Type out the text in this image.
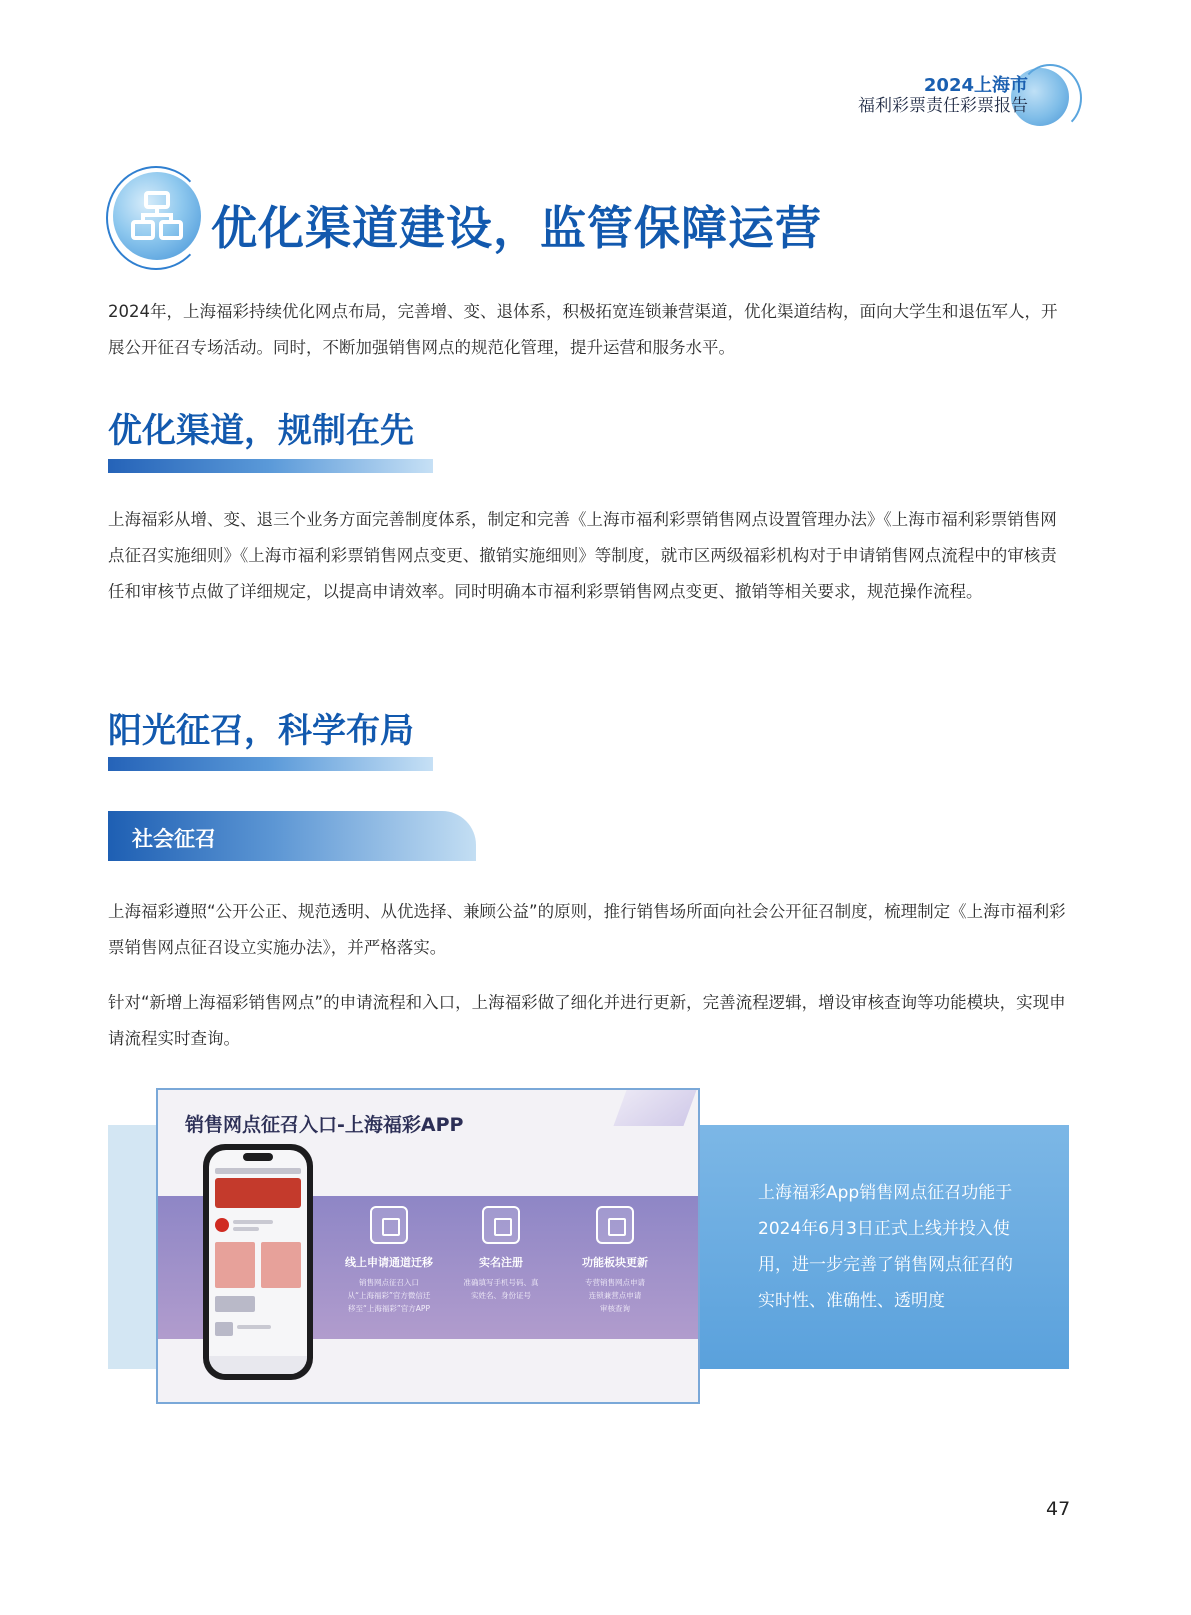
2024上海市
福利彩票责任彩票报告
优化渠道建设，监管保障运营

2024年，上海福彩持续优化网点布局，完善增、变、退体系，积极拓宽连锁兼营渠道，优化渠道结构，面向大学生和退伍军人，开展公开征召专场活动。同时，不断加强销售网点的规范化管理，提升运营和服务水平。

优化渠道，规制在先

上海福彩从增、变、退三个业务方面完善制度体系，制定和完善《上海市福利彩票销售网点设置管理办法》《上海市福利彩票销售网点征召实施细则》《上海市福利彩票销售网点变更、撤销实施细则》等制度，就市区两级福彩机构对于申请销售网点流程中的审核责任和审核节点做了详细规定，以提高申请效率。同时明确本市福利彩票销售网点变更、撤销等相关要求，规范操作流程。

阳光征召，科学布局
社会征召

上海福彩遵照“公开公正、规范透明、从优选择、兼顾公益”的原则，推行销售场所面向社会公开征召制度，梳理制定《上海市福利彩票销售网点征召设立实施办法》，并严格落实。

针对“新增上海福彩销售网点”的申请流程和入口，上海福彩做了细化并进行更新，完善流程逻辑，增设审核查询等功能模块，实现申请流程实时查询。

上海福彩App销售网点征召功能于2024年6月3日正式上线并投入使用，进一步完善了销售网点征召的实时性、准确性、透明度

销售网点征召入口-上海福彩APP
线上申请通道迁移
销售网点征召入口
从“上海福彩”官方微信迁
移至“上海福彩”官方APP
实名注册
准确填写手机号码、真
实姓名、身份证号
功能板块更新
专营销售网点申请
连锁兼营点申请
审核查询
47
